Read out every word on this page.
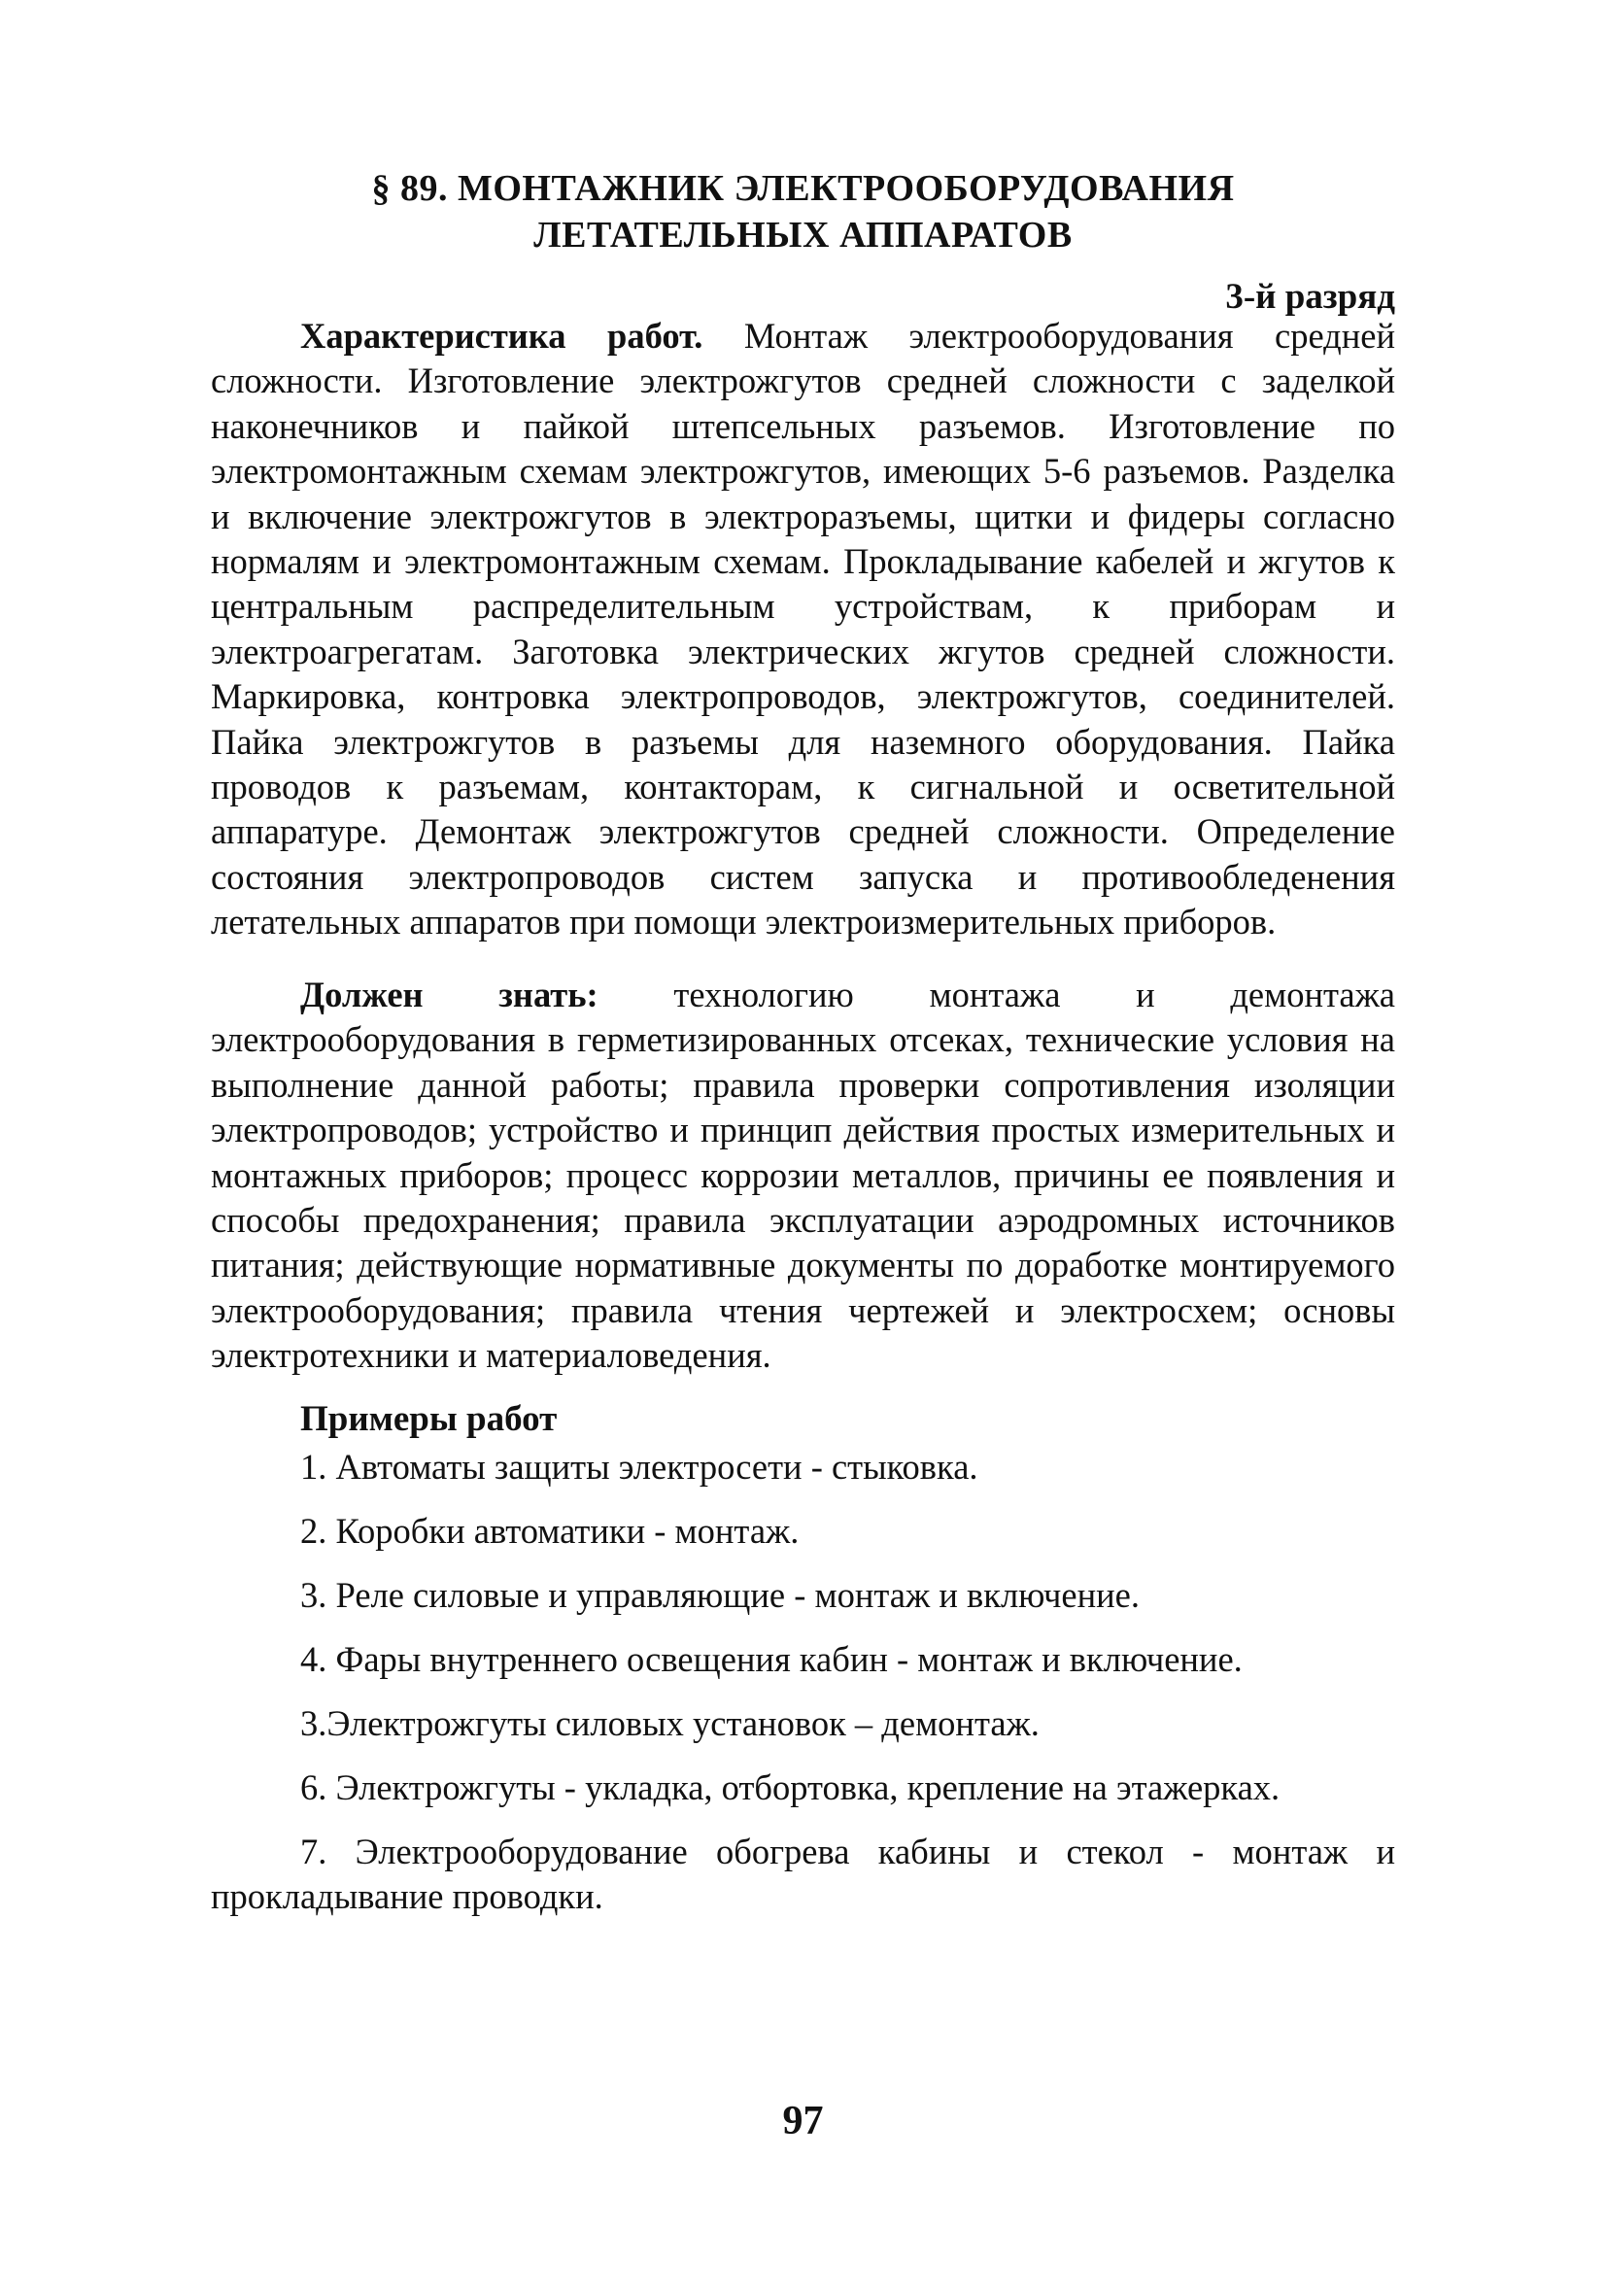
§ 89. МОНТАЖНИК ЭЛЕКТРООБОРУДОВАНИЯ
ЛЕТАТЕЛЬНЫХ АППАРАТОВ
3-й разряд

Характеристика работ. Монтаж электрооборудования средней сложности. Изготовление электрожгутов средней сложности с заделкой наконечников и пайкой штепсельных разъемов. Изготовление по электромонтажным схемам электрожгутов, имеющих 5-6 разъемов. Разделка и включение электрожгутов в электроразъемы, щитки и фидеры согласно нормалям и электромонтажным схемам. Прокладывание кабелей и жгутов к центральным распределительным устройствам, к приборам и электроагрегатам. Заготовка электрических жгутов средней сложности. Маркировка, контровка электропроводов, электрожгутов, соединителей. Пайка электрожгутов в разъемы для наземного оборудования. Пайка проводов к разъемам, контакторам, к сигнальной и осветительной аппаратуре. Демонтаж электрожгутов средней сложности. Определение состояния электропроводов систем запуска и противообледенения летательных аппаратов при помощи электроизмерительных приборов.

Должен знать: технологию монтажа и демонтажа электрооборудования в герметизированных отсеках, технические условия на выполнение данной работы; правила проверки сопротивления изоляции электропроводов; устройство и принцип действия простых измерительных и монтажных приборов; процесс коррозии металлов, причины ее появления и способы предохранения; правила эксплуатации аэродромных источников питания; действующие нормативные документы по доработке монтируемого электрооборудования; правила чтения чертежей и электросхем; основы электротехники и материаловедения.

Примеры работ
1. Автоматы защиты электросети - стыковка.
2. Коробки автоматики - монтаж.
3. Реле силовые и управляющие - монтаж и включение.
4. Фары внутреннего освещения кабин - монтаж и включение.
3.Электрожгуты силовых установок – демонтаж.
6. Электрожгуты - укладка, отбортовка, крепление на этажерках.
7. Электрооборудование обогрева кабины и стекол - монтаж и прокладывание проводки.
97
